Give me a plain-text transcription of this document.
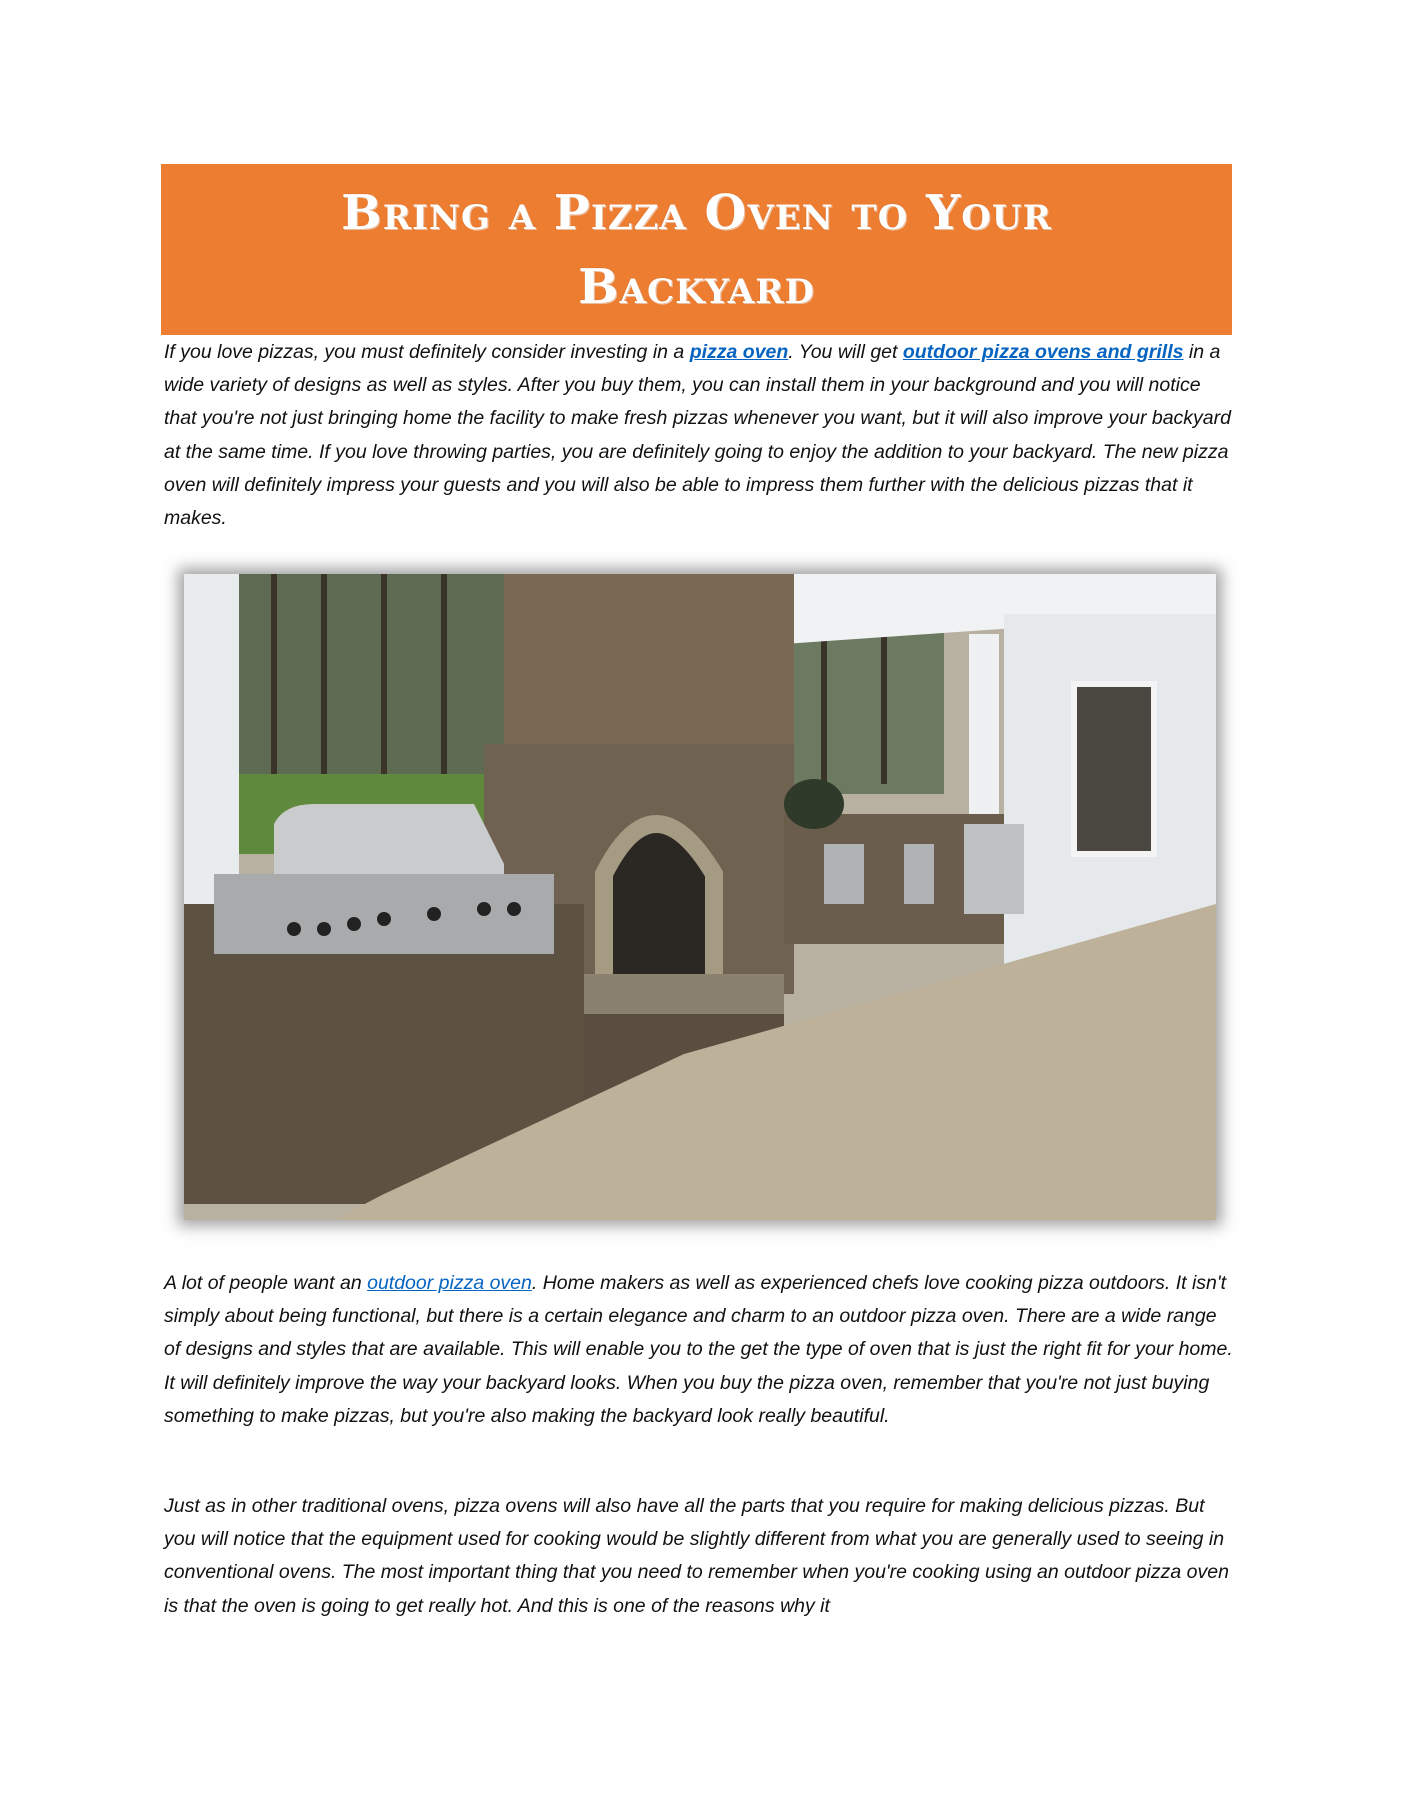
Bring a Pizza Oven to Your Backyard

If you love pizzas, you must definitely consider investing in a pizza oven. You will get outdoor pizza ovens and grills in a wide variety of designs as well as styles. After you buy them, you can install them in your background and you will notice that you're not just bringing home the facility to make fresh pizzas whenever you want, but it will also improve your backyard at the same time. If you love throwing parties, you are definitely going to enjoy the addition to your backyard. The new pizza oven will definitely impress your guests and you will also be able to impress them further with the delicious pizzas that it makes.

A lot of people want an outdoor pizza oven. Home makers as well as experienced chefs love cooking pizza outdoors. It isn't simply about being functional, but there is a certain elegance and charm to an outdoor pizza oven. There are a wide range of designs and styles that are available. This will enable you to the get the type of oven that is just the right fit for your home. It will definitely improve the way your backyard looks. When you buy the pizza oven, remember that you're not just buying something to make pizzas, but you're also making the backyard look really beautiful.

Just as in other traditional ovens, pizza ovens will also have all the parts that you require for making delicious pizzas. But you will notice that the equipment used for cooking would be slightly different from what you are generally used to seeing in conventional ovens. The most important thing that you need to remember when you're cooking using an outdoor pizza oven is that the oven is going to get really hot. And this is one of the reasons why it
